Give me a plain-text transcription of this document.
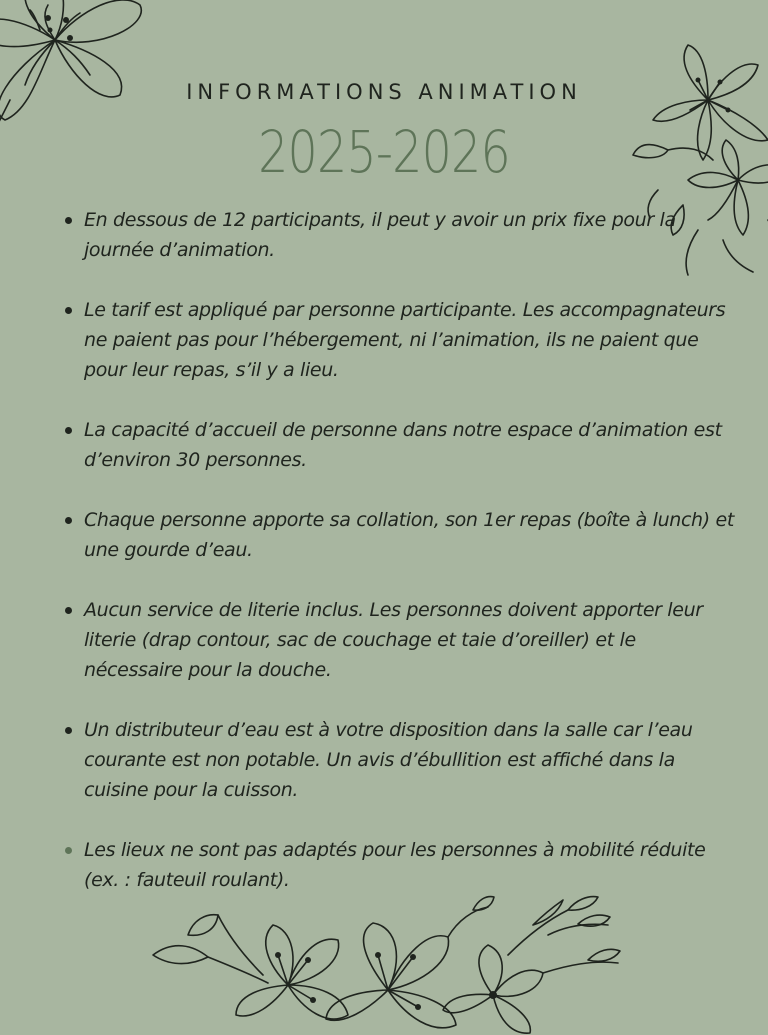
INFORMATIONS ANIMATION
2025-2026
En dessous de 12 participants, il peut y avoir un prix fixe pour la journée d’animation.
Le tarif est appliqué par personne participante. Les accompagnateurs ne paient pas pour l’hébergement, ni l’animation, ils ne paient que pour leur repas, s’il y a lieu.
La capacité d’accueil de personne dans notre espace d’animation est d’environ 30 personnes.
Chaque personne apporte sa collation, son 1er repas (boîte à lunch) et une gourde d’eau.
Aucun service de literie inclus. Les personnes doivent apporter leur literie (drap contour, sac de couchage et taie d’oreiller) et le nécessaire pour la douche.
Un distributeur d’eau est à votre disposition dans la salle car l’eau courante est non potable. Un avis d’ébullition est affiché dans la cuisine pour la cuisson.
Les lieux ne sont pas adaptés pour les personnes à mobilité réduite (ex. : fauteuil roulant).
